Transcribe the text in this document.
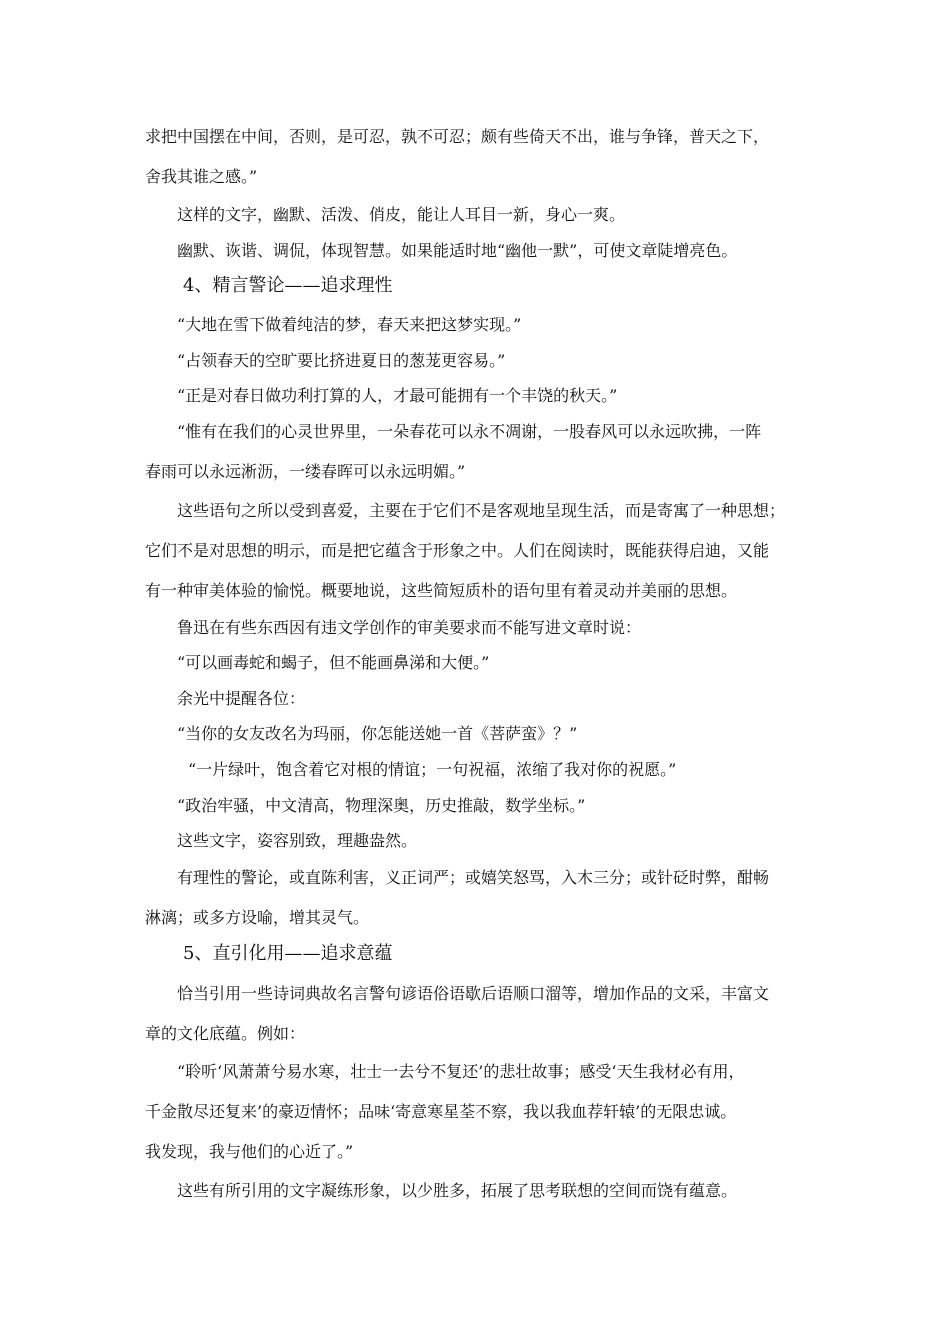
求把中国摆在中间，否则，是可忍，孰不可忍；颇有些倚天不出，谁与争锋，普天之下，
舍我其谁之感。”
这样的文字，幽默、活泼、俏皮，能让人耳目一新，身心一爽。
幽默、诙谐、调侃，体现智慧。如果能适时地“幽他一默”，可使文章陡增亮色。
4、精言警论——追求理性
“大地在雪下做着纯洁的梦，春天来把这梦实现。”
“占领春天的空旷要比挤进夏日的葱茏更容易。”
“正是对春日做功利打算的人，才最可能拥有一个丰饶的秋天。”
“惟有在我们的心灵世界里，一朵春花可以永不凋谢，一股春风可以永远吹拂，一阵
春雨可以永远淅沥，一缕春晖可以永远明媚。”
这些语句之所以受到喜爱，主要在于它们不是客观地呈现生活，而是寄寓了一种思想；
它们不是对思想的明示，而是把它蕴含于形象之中。人们在阅读时，既能获得启迪，又能
有一种审美体验的愉悦。概要地说，这些简短质朴的语句里有着灵动并美丽的思想。
鲁迅在有些东西因有违文学创作的审美要求而不能写进文章时说：
“可以画毒蛇和蝎子，但不能画鼻涕和大便。”
余光中提醒各位：
“当你的女友改名为玛丽，你怎能送她一首《菩萨蛮》？”
“一片绿叶，饱含着它对根的情谊；一句祝福，浓缩了我对你的祝愿。”
“政治牢骚，中文清高，物理深奥，历史推敲，数学坐标。”
这些文字，姿容别致，理趣盎然。
有理性的警论，或直陈利害，义正词严；或嬉笑怒骂，入木三分；或针砭时弊，酣畅
淋漓；或多方设喻，增其灵气。
5、直引化用——追求意蕴
恰当引用一些诗词典故名言警句谚语俗语歇后语顺口溜等，增加作品的文采，丰富文
章的文化底蕴。例如：
“聆听‘风萧萧兮易水寒，壮士一去兮不复还’的悲壮故事；感受‘天生我材必有用，
千金散尽还复来’的豪迈情怀；品味‘寄意寒星荃不察，我以我血荐轩辕’的无限忠诚。
我发现，我与他们的心近了。”
这些有所引用的文字凝练形象，以少胜多，拓展了思考联想的空间而饶有蕴意。
